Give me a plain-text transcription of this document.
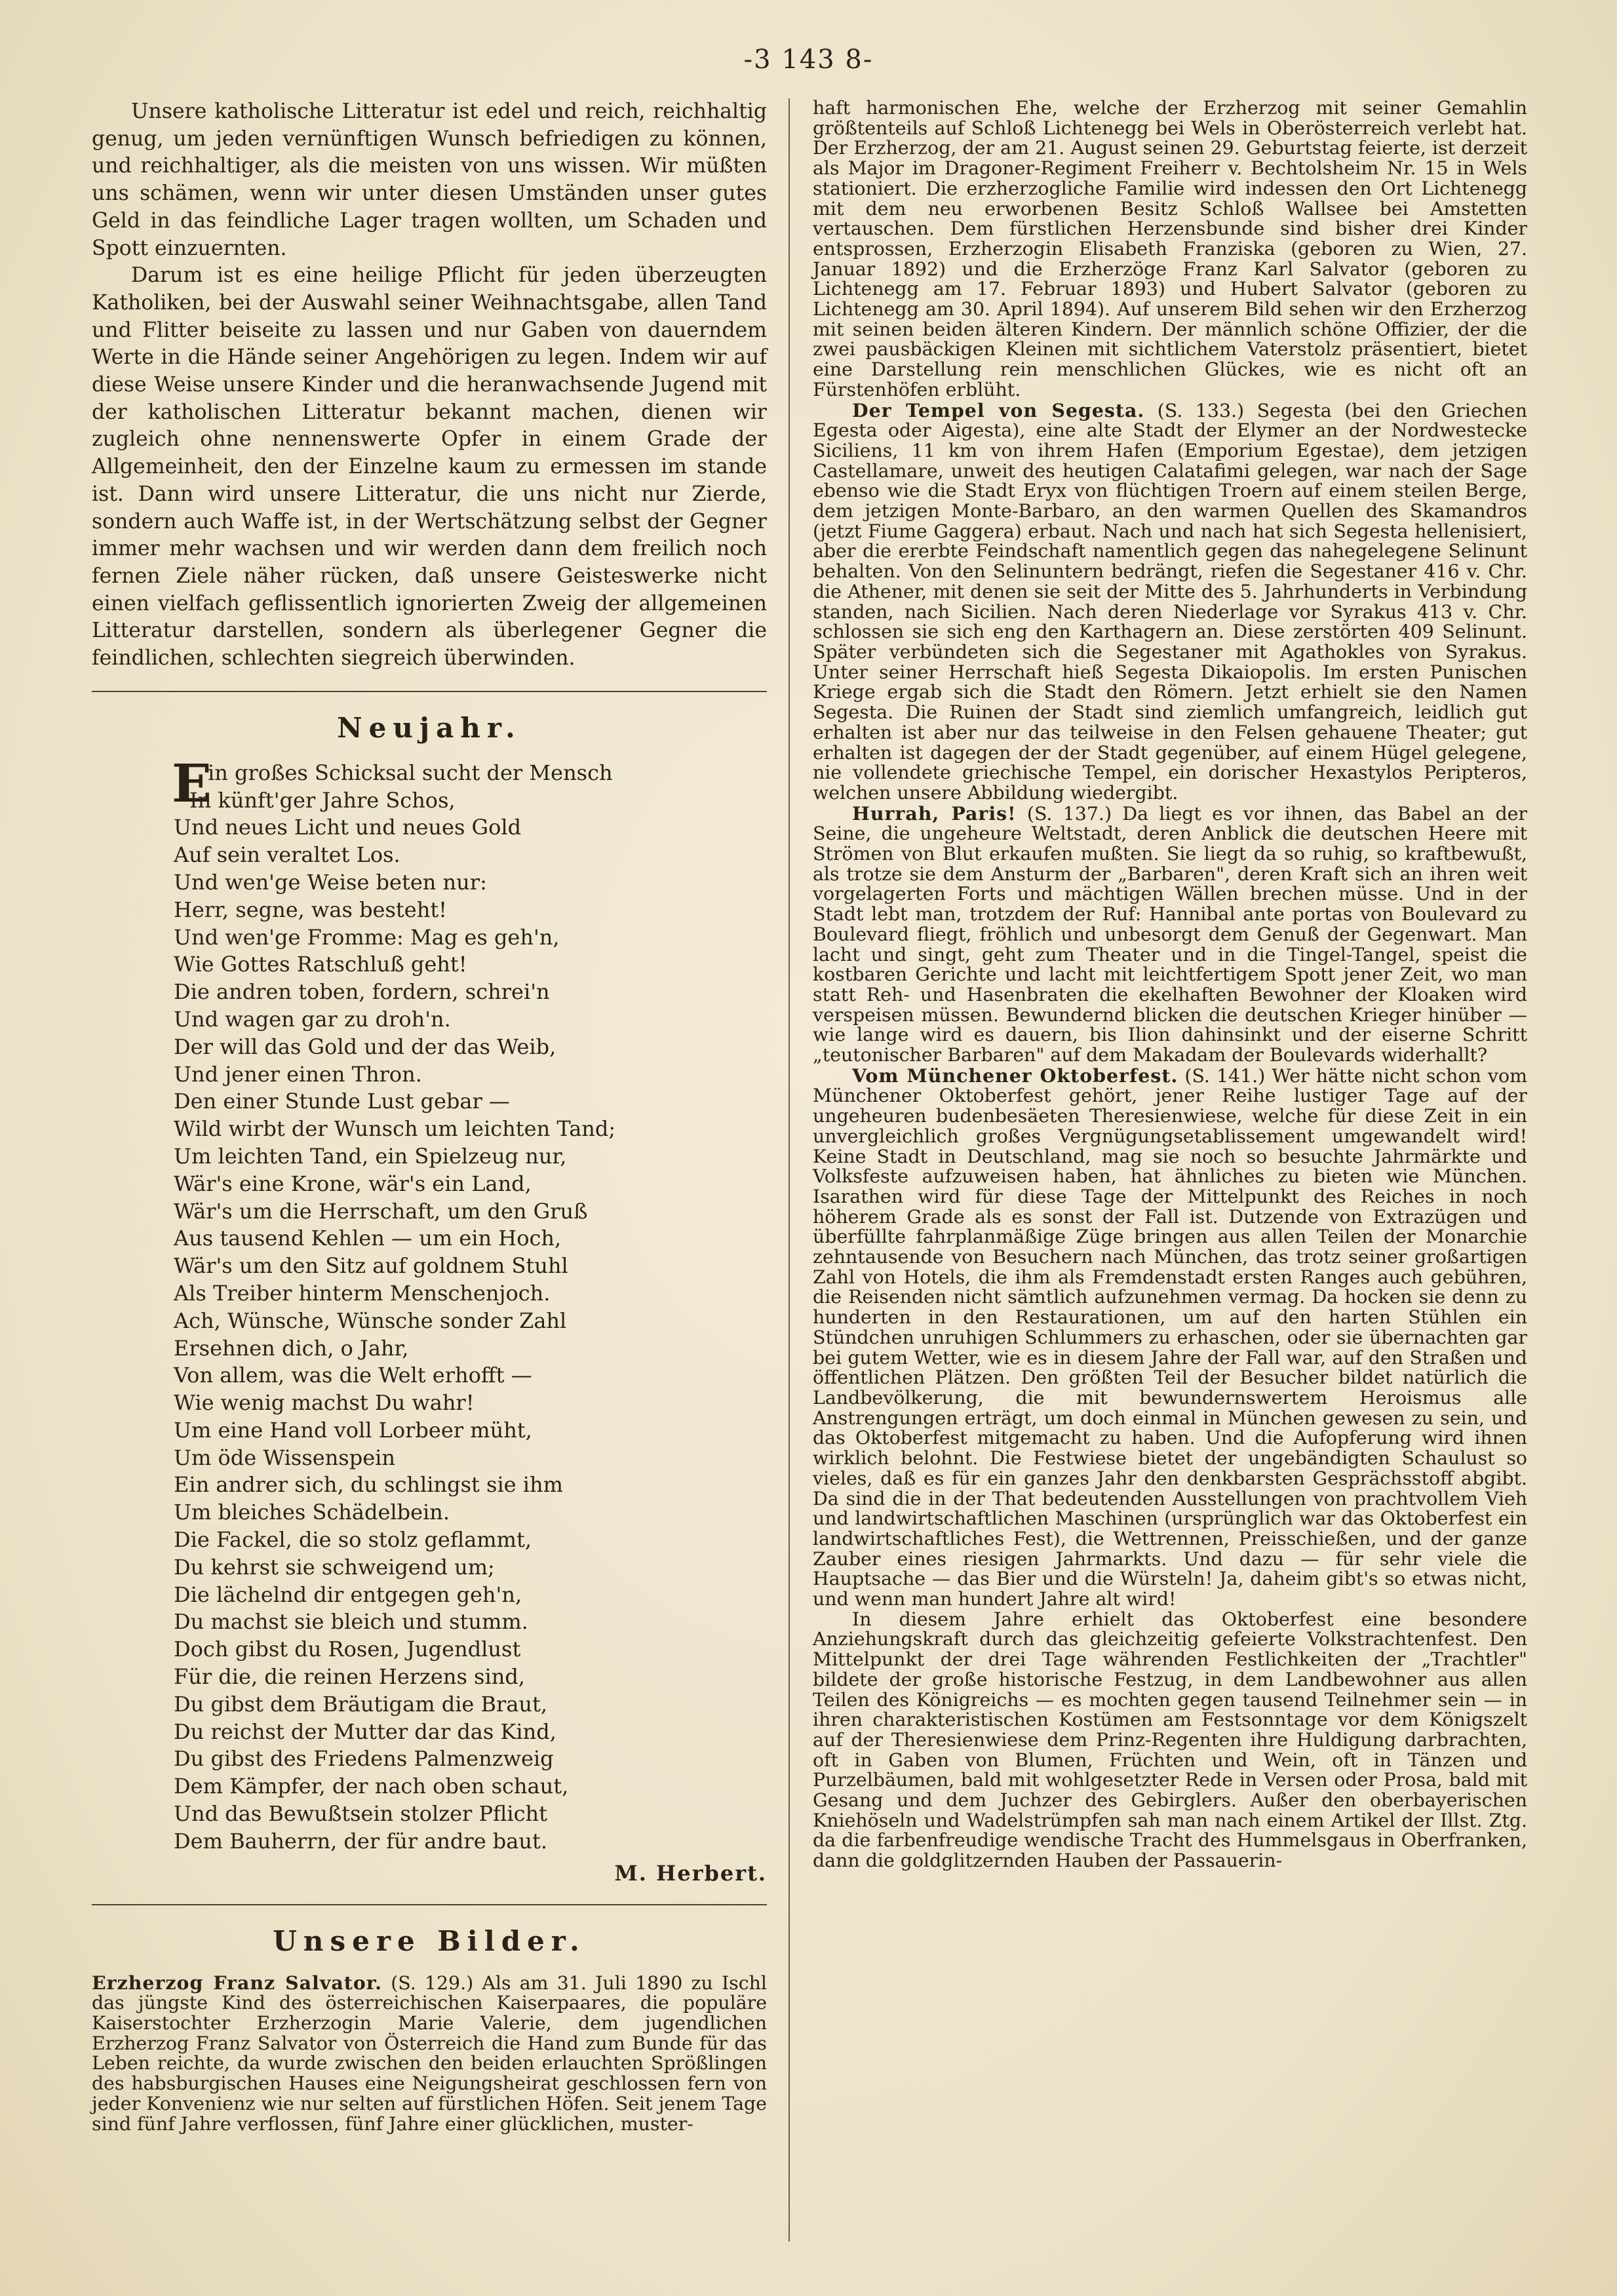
-3 143 8-

Unsere katholische Litteratur ist edel und reich, reichhaltig genug, um jeden vernünftigen Wunsch befriedigen zu können, und reichhaltiger, als die meisten von uns wissen. Wir müßten uns schämen, wenn wir unter diesen Umständen unser gutes Geld in das feindliche Lager tragen wollten, um Schaden und Spott einzuernten.

Darum ist es eine heilige Pflicht für jeden überzeugten Katholiken, bei der Auswahl seiner Weihnachtsgabe, allen Tand und Flitter beiseite zu lassen und nur Gaben von dauerndem Werte in die Hände seiner Angehörigen zu legen. Indem wir auf diese Weise unsere Kinder und die heranwachsende Jugend mit der katholischen Litteratur bekannt machen, dienen wir zugleich ohne nennenswerte Opfer in einem Grade der Allgemeinheit, den der Einzelne kaum zu ermessen im stande ist. Dann wird unsere Litteratur, die uns nicht nur Zierde, sondern auch Waffe ist, in der Wertschätzung selbst der Gegner immer mehr wachsen und wir werden dann dem freilich noch fernen Ziele näher rücken, daß unsere Geisteswerke nicht einen vielfach geflissentlich ignorierten Zweig der allgemeinen Litteratur darstellen, sondern als überlegener Gegner die feindlichen, schlechten siegreich überwinden.

Neujahr.
E
in großes Schicksal sucht der Mensch
In künft'ger Jahre Schos,
Und neues Licht und neues Gold
Auf sein veraltet Los.
Und wen'ge Weise beten nur:
Herr, segne, was besteht!
Und wen'ge Fromme: Mag es geh'n,
Wie Gottes Ratschluß geht!
Die andren toben, fordern, schrei'n
Und wagen gar zu droh'n.
Der will das Gold und der das Weib,
Und jener einen Thron.
Den einer Stunde Lust gebar —
Wild wirbt der Wunsch um leichten Tand;
Um leichten Tand, ein Spielzeug nur,
Wär's eine Krone, wär's ein Land,
Wär's um die Herrschaft, um den Gruß
Aus tausend Kehlen — um ein Hoch,
Wär's um den Sitz auf goldnem Stuhl
Als Treiber hinterm Menschenjoch.
Ach, Wünsche, Wünsche sonder Zahl
Ersehnen dich, o Jahr,
Von allem, was die Welt erhofft —
Wie wenig machst Du wahr!
Um eine Hand voll Lorbeer müht,
Um öde Wissenspein
Ein andrer sich, du schlingst sie ihm
Um bleiches Schädelbein.
Die Fackel, die so stolz geflammt,
Du kehrst sie schweigend um;
Die lächelnd dir entgegen geh'n,
Du machst sie bleich und stumm.
Doch gibst du Rosen, Jugendlust
Für die, die reinen Herzens sind,
Du gibst dem Bräutigam die Braut,
Du reichst der Mutter dar das Kind,
Du gibst des Friedens Palmenzweig
Dem Kämpfer, der nach oben schaut,
Und das Bewußtsein stolzer Pflicht
Dem Bauherrn, der für andre baut.
M. Herbert.
Unsere Bilder.

Erzherzog Franz Salvator. (S. 129.) Als am 31. Juli 1890 zu Ischl das jüngste Kind des österreichischen Kaiserpaares, die populäre Kaiserstochter Erzherzogin Marie Valerie, dem jugendlichen Erzherzog Franz Salvator von Österreich die Hand zum Bunde für das Leben reichte, da wurde zwischen den beiden erlauchten Sprößlingen des habsburgischen Hauses eine Neigungsheirat geschlossen fern von jeder Konvenienz wie nur selten auf fürstlichen Höfen. Seit jenem Tage sind fünf Jahre verflossen, fünf Jahre einer glücklichen, muster-

haft harmonischen Ehe, welche der Erzherzog mit seiner Gemahlin größtenteils auf Schloß Lichtenegg bei Wels in Oberösterreich verlebt hat. Der Erzherzog, der am 21. August seinen 29. Geburtstag feierte, ist derzeit als Major im Dragoner-Regiment Freiherr v. Bechtolsheim Nr. 15 in Wels stationiert. Die erzherzogliche Familie wird indessen den Ort Lichtenegg mit dem neu erworbenen Besitz Schloß Wallsee bei Amstetten vertauschen. Dem fürstlichen Herzensbunde sind bisher drei Kinder entsprossen, Erzherzogin Elisabeth Franziska (geboren zu Wien, 27. Januar 1892) und die Erzherzöge Franz Karl Salvator (geboren zu Lichtenegg am 17. Februar 1893) und Hubert Salvator (geboren zu Lichtenegg am 30. April 1894). Auf unserem Bild sehen wir den Erzherzog mit seinen beiden älteren Kindern. Der männlich schöne Offizier, der die zwei pausbäckigen Kleinen mit sichtlichem Vaterstolz präsentiert, bietet eine Darstellung rein menschlichen Glückes, wie es nicht oft an Fürstenhöfen erblüht.

Der Tempel von Segesta. (S. 133.) Segesta (bei den Griechen Egesta oder Aigesta), eine alte Stadt der Elymer an der Nordwestecke Siciliens, 11 km von ihrem Hafen (Emporium Egestae), dem jetzigen Castellamare, unweit des heutigen Calatafimi gelegen, war nach der Sage ebenso wie die Stadt Eryx von flüchtigen Troern auf einem steilen Berge, dem jetzigen Monte-Barbaro, an den warmen Quellen des Skamandros (jetzt Fiume Gaggera) erbaut. Nach und nach hat sich Segesta hellenisiert, aber die ererbte Feindschaft namentlich gegen das nahegelegene Selinunt behalten. Von den Selinuntern bedrängt, riefen die Segestaner 416 v. Chr. die Athener, mit denen sie seit der Mitte des 5. Jahrhunderts in Verbindung standen, nach Sicilien. Nach deren Niederlage vor Syrakus 413 v. Chr. schlossen sie sich eng den Karthagern an. Diese zerstörten 409 Selinunt. Später verbündeten sich die Segestaner mit Agathokles von Syrakus. Unter seiner Herrschaft hieß Segesta Dikaiopolis. Im ersten Punischen Kriege ergab sich die Stadt den Römern. Jetzt erhielt sie den Namen Segesta. Die Ruinen der Stadt sind ziemlich umfangreich, leidlich gut erhalten ist aber nur das teilweise in den Felsen gehauene Theater; gut erhalten ist dagegen der der Stadt gegenüber, auf einem Hügel gelegene, nie vollendete griechische Tempel, ein dorischer Hexastylos Peripteros, welchen unsere Abbildung wiedergibt.

Hurrah, Paris! (S. 137.) Da liegt es vor ihnen, das Babel an der Seine, die ungeheure Weltstadt, deren Anblick die deutschen Heere mit Strömen von Blut erkaufen mußten. Sie liegt da so ruhig, so kraftbewußt, als trotze sie dem Ansturm der „Barbaren", deren Kraft sich an ihren weit vorgelagerten Forts und mächtigen Wällen brechen müsse. Und in der Stadt lebt man, trotzdem der Ruf: Hannibal ante portas von Boulevard zu Boulevard fliegt, fröhlich und unbesorgt dem Genuß der Gegenwart. Man lacht und singt, geht zum Theater und in die Tingel-Tangel, speist die kostbaren Gerichte und lacht mit leichtfertigem Spott jener Zeit, wo man statt Reh- und Hasenbraten die ekelhaften Bewohner der Kloaken wird verspeisen müssen. Bewundernd blicken die deutschen Krieger hinüber — wie lange wird es dauern, bis Ilion dahinsinkt und der eiserne Schritt „teutonischer Barbaren" auf dem Makadam der Boulevards widerhallt?

Vom Münchener Oktoberfest. (S. 141.) Wer hätte nicht schon vom Münchener Oktoberfest gehört, jener Reihe lustiger Tage auf der ungeheuren budenbesäeten Theresienwiese, welche für diese Zeit in ein unvergleichlich großes Vergnügungsetablissement umgewandelt wird! Keine Stadt in Deutschland, mag sie noch so besuchte Jahrmärkte und Volksfeste aufzuweisen haben, hat ähnliches zu bieten wie München. Isarathen wird für diese Tage der Mittelpunkt des Reiches in noch höherem Grade als es sonst der Fall ist. Dutzende von Extrazügen und überfüllte fahrplanmäßige Züge bringen aus allen Teilen der Monarchie zehntausende von Besuchern nach München, das trotz seiner großartigen Zahl von Hotels, die ihm als Fremdenstadt ersten Ranges auch gebühren, die Reisenden nicht sämtlich aufzunehmen vermag. Da hocken sie denn zu hunderten in den Restaurationen, um auf den harten Stühlen ein Stündchen unruhigen Schlummers zu erhaschen, oder sie übernachten gar bei gutem Wetter, wie es in diesem Jahre der Fall war, auf den Straßen und öffentlichen Plätzen. Den größten Teil der Besucher bildet natürlich die Landbevölkerung, die mit bewundernswertem Heroismus alle Anstrengungen erträgt, um doch einmal in München gewesen zu sein, und das Oktoberfest mitgemacht zu haben. Und die Aufopferung wird ihnen wirklich belohnt. Die Festwiese bietet der ungebändigten Schaulust so vieles, daß es für ein ganzes Jahr den denkbarsten Gesprächsstoff abgibt. Da sind die in der That bedeutenden Ausstellungen von prachtvollem Vieh und landwirtschaftlichen Maschinen (ursprünglich war das Oktoberfest ein landwirtschaftliches Fest), die Wettrennen, Preisschießen, und der ganze Zauber eines riesigen Jahrmarkts. Und dazu — für sehr viele die Hauptsache — das Bier und die Würsteln! Ja, daheim gibt's so etwas nicht, und wenn man hundert Jahre alt wird!

In diesem Jahre erhielt das Oktoberfest eine besondere Anziehungskraft durch das gleichzeitig gefeierte Volkstrachtenfest. Den Mittelpunkt der drei Tage währenden Festlichkeiten der „Trachtler" bildete der große historische Festzug, in dem Landbewohner aus allen Teilen des Königreichs — es mochten gegen tausend Teilnehmer sein — in ihren charakteristischen Kostümen am Festsonntage vor dem Königszelt auf der Theresienwiese dem Prinz-Regenten ihre Huldigung darbrachten, oft in Gaben von Blumen, Früchten und Wein, oft in Tänzen und Purzelbäumen, bald mit wohlgesetzter Rede in Versen oder Prosa, bald mit Gesang und dem Juchzer des Gebirglers. Außer den oberbayerischen Kniehöseln und Wadelstrümpfen sah man nach einem Artikel der Illst. Ztg. da die farbenfreudige wendische Tracht des Hummelsgaus in Oberfranken, dann die goldglitzernden Hauben der Passauerin-
